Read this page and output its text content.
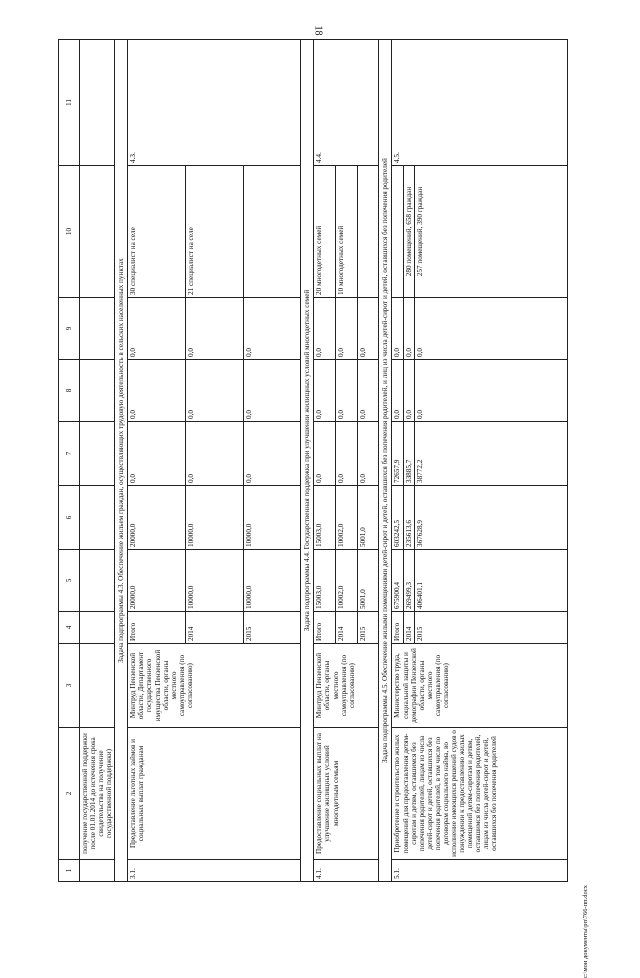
18
1	2	3	4	5	6	7	8	9	10	11
	получение государственной поддержки после 01.01.2014 до истечения срока свидетельства на получение государственной поддержки)									
Задача подпрограммы 4.3. Обеспечение жильем граждан, осуществляющих трудовую деятельность в сельских населенных пунктах										
3.1.	Предоставление льготных займов и социальных выплат гражданам	Минтруд Пензенской области, Департамент государственного имущества Пензенской области, органы местного самоуправления (по согласованию)	Итого	20000,0	20000,0	0,0	0,0	0,0	30 специалист на селе	4.3.
			2014	10000,0	10000,0	0,0	0,0	0,0	21 специалист на селе	
			2015	10000,0	10000,0	0,0	0,0	0,0		
Задача подпрограммы 4.4. Государственная поддержка при улучшении жилищных условий многодетных семей										
4.1.	Предоставление социальных выплат на улучшение жилищных условий многодетным семьям	Минтруд Пензенской области, органы местного самоуправления (по согласованию)	Итого	15003,0	15003,0	0,0	0,0	0,0	20 многодетных семей	4.4.
			2014	10002,0	10002,0	0,0	0,0	0,0	10 многодетных семей	
			2015	5001,0	5001,0	0,0	0,0	0,0		
Задача подпрограммы 4.5. Обеспечение жилыми помещениями детей-сирот и детей, оставшихся без попечения родителей, и лиц из числа детей-сирот и детей, оставшихся без попечения родителей										
5.1.	Приобретение и строительство жилых помещений для предоставления детям-сиротам и детям, оставшимся без попечения родителей, лицам из числа детей-сирот и детей, оставшихся без попечения родителей, в том числе по договорам социального найма, во исполнение имеющихся решений судов о понуждении к предоставлению жилых помещений детям-сиротам и детям, оставшимся без попечения родителей, лицам из числа детей-сирот и детей, оставшихся без попечения родителей	Министерство труда, социальной защиты и демографии Пензенской области, органы местного самоуправления (по согласованию)	Итого	675900,4	603242,5	72657,9	0,0	0,0		4.5.
			2014	269499,3	235613,6	33885,7	0,0	0,0	280 помещений, 658 граждан	
			2015	406401,1	367628,9	38772,2	0,0	0,0	257 помещений, 390 граждан	
c:\мои документы\рп\766-пп.docx
